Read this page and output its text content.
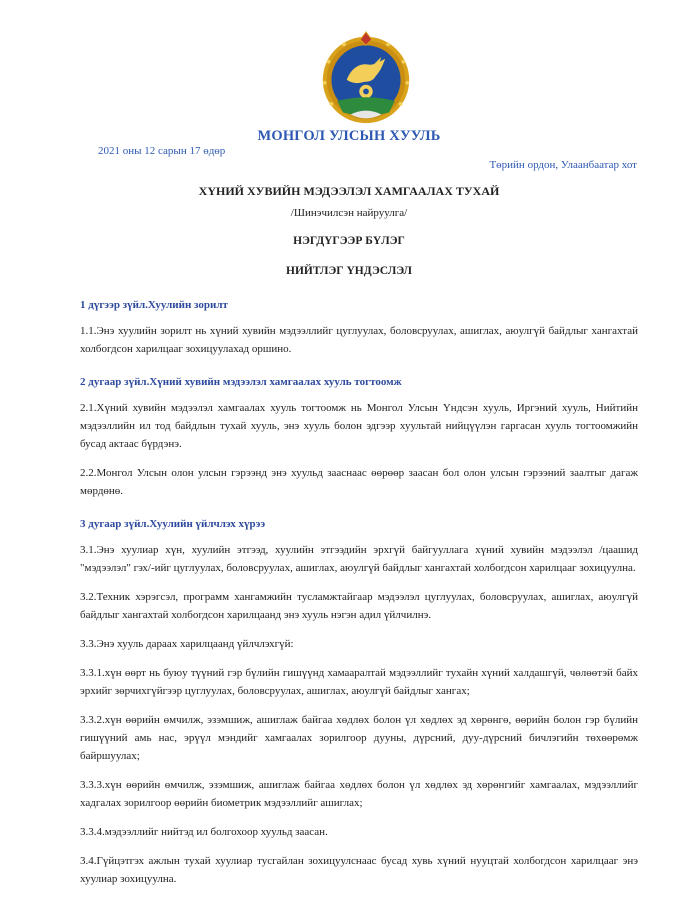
МОНГОЛ УЛСЫН ХУУЛЬ
2021 оны 12 сарын 17 өдөр
Төрийн ордон, Улаанбаатар хот
ХҮНИЙ ХУВИЙН МЭДЭЭЛЭЛ ХАМГААЛАХ ТУХАЙ
/Шинэчилсэн найруулга/
НЭГДҮГЭЭР БҮЛЭГ
НИЙТЛЭГ ҮНДЭСЛЭЛ
1 дүгээр зүйл.Хуулийн зорилт

1.1.Энэ хуулийн зорилт нь хүний хувийн мэдээллийг цуглуулах, боловсруулах, ашиглах, аюулгүй байдлыг хангахтай холбогдсон харилцааг зохицуулахад оршино.

2 дугаар зүйл.Хүний хувийн мэдээлэл хамгаалах хууль тогтоомж

2.1.Хүний хувийн мэдээлэл хамгаалах хууль тогтоомж нь Монгол Улсын Үндсэн хууль, Иргэний хууль, Нийтийн мэдээллийн ил тод байдлын тухай хууль, энэ хууль болон эдгээр хуультай нийцүүлэн гаргасан хууль тогтоомжийн бусад актаас бүрдэнэ.

2.2.Монгол Улсын олон улсын гэрээнд энэ хуульд зааснаас өөрөөр заасан бол олон улсын гэрээний заалтыг дагаж мөрдөнө.

3 дугаар зүйл.Хуулийн үйлчлэх хүрээ

3.1.Энэ хуулиар хүн, хуулийн этгээд, хуулийн этгээдийн эрхгүй байгууллага хүний хувийн мэдээлэл /цаашид "мэдээлэл" гэх/-ийг цуглуулах, боловсруулах, ашиглах, аюулгүй байдлыг хангахтай холбогдсон харилцааг зохицуулна.

3.2.Техник хэрэгсэл, программ хангамжийн тусламжтайгаар мэдээлэл цуглуулах, боловсруулах, ашиглах, аюулгүй байдлыг хангахтай холбогдсон харилцаанд энэ хууль нэгэн адил үйлчилнэ.

3.3.Энэ хууль дараах харилцаанд үйлчлэхгүй:

3.3.1.хүн өөрт нь буюу түүний гэр бүлийн гишүүнд хамааралтай мэдээллийг тухайн хүний халдашгүй, чөлөөтэй байх эрхийг зөрчихгүйгээр цуглуулах, боловсруулах, ашиглах, аюулгүй байдлыг хангах;

3.3.2.хүн өөрийн өмчилж, эзэмшиж, ашиглаж байгаа хөдлөх болон үл хөдлөх эд хөрөнгө, өөрийн болон гэр бүлийн гишүүний амь нас, эрүүл мэндийг хамгаалах зорилгоор дууны, дүрсний, дуу-дүрсний бичлэгийн төхөөрөмж байршуулах;

3.3.3.хүн өөрийн өмчилж, эзэмшиж, ашиглаж байгаа хөдлөх болон үл хөдлөх эд хөрөнгийг хамгаалах, мэдээллийг хадгалах зорилгоор өөрийн биометрик мэдээллийг ашиглах;

3.3.4.мэдээллийг нийтэд ил болгохоор хуульд заасан.

3.4.Гүйцэтгэх ажлын тухай хуулиар тусгайлан зохицуулснаас бусад хувь хүний нууцтай холбогдсон харилцааг энэ хуулиар зохицуулна.
